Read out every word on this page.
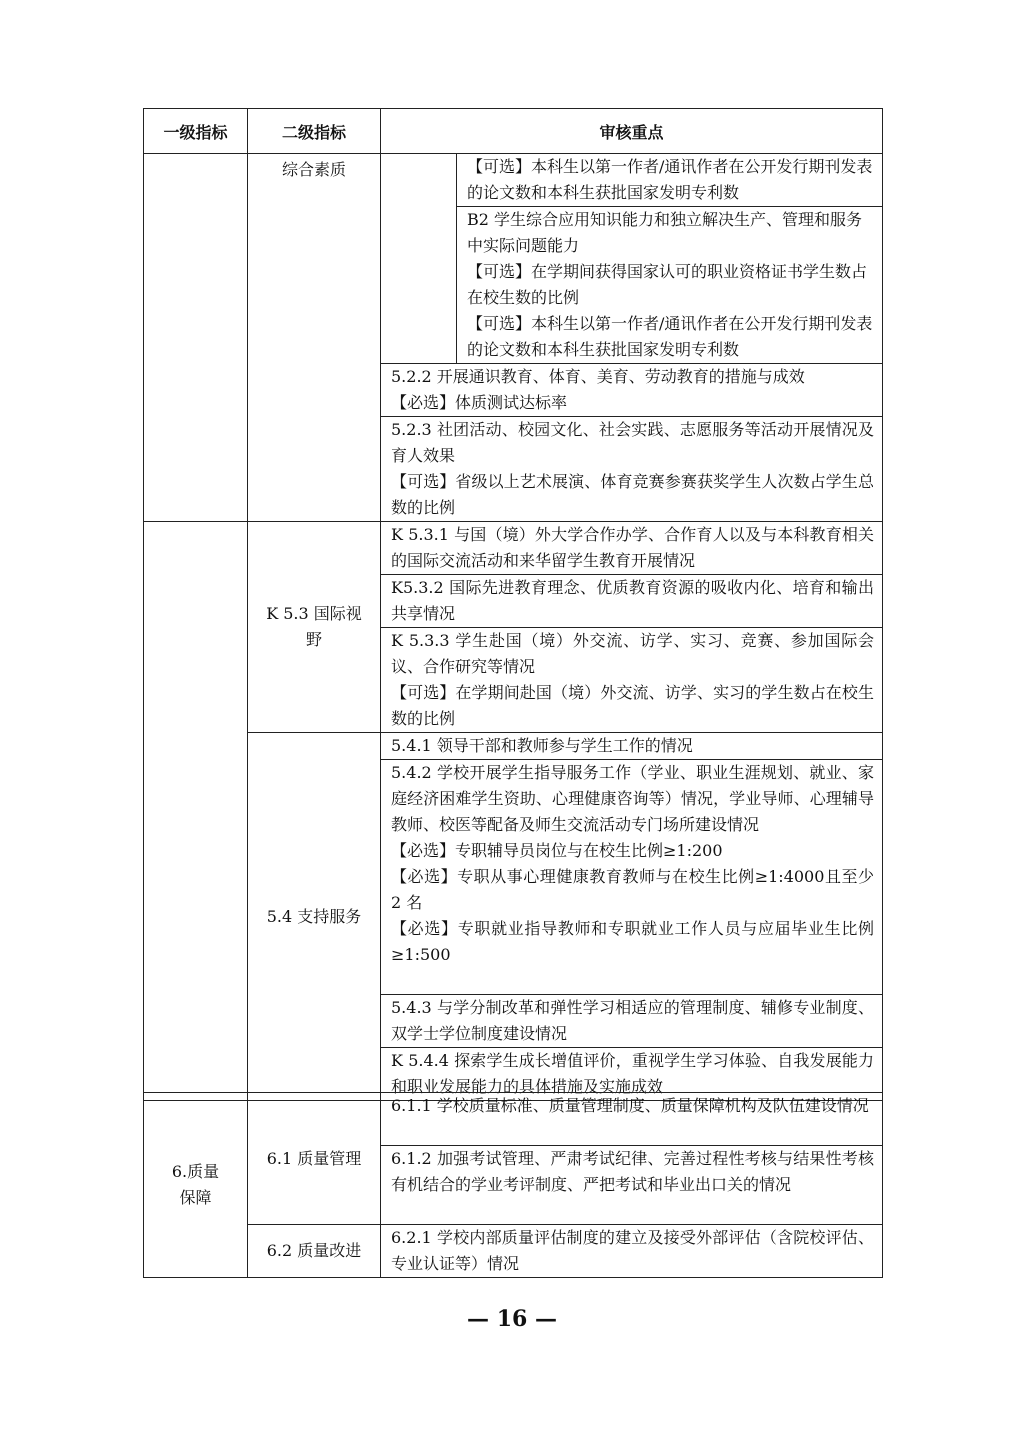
一级指标	二级指标	审核重点	
	综合素质		【可选】本科生以第一作者/通讯作者在公开发行期刊发表的论文数和本科生获批国家发明专利数

			B2 学生综合应用知识能力和独立解决生产、管理和服务中实际问题能力
【可选】在学期间获得国家认可的职业资格证书学生数占在校生数的比例
【可选】本科生以第一作者/通讯作者在公开发行期刊发表的论文数和本科生获批国家发明专利数

		5.2.2 开展通识教育、体育、美育、劳动教育的措施与成效
【必选】体质测试达标率	

		5.2.3 社团活动、校园文化、社会实践、志愿服务等活动开展情况及育人效果
【可选】省级以上艺术展演、体育竞赛参赛获奖学生人次数占学生总数的比例	

	K 5.3 国际视野	K 5.3.1 与国（境）外大学合作办学、合作育人以及与本科教育相关的国际交流活动和来华留学生教育开展情况	

		K5.3.2 国际先进教育理念、优质教育资源的吸收内化、培育和输出共享情况	

		K 5.3.3 学生赴国（境）外交流、访学、实习、竞赛、参加国际会议、合作研究等情况
【可选】在学期间赴国（境）外交流、访学、实习的学生数占在校生数的比例	

	5.4 支持服务	5.4.1 领导干部和教师参与学生工作的情况	

		5.4.2 学校开展学生指导服务工作（学业、职业生涯规划、就业、家庭经济困难学生资助、心理健康咨询等）情况，学业导师、心理辅导教师、校医等配备及师生交流活动专门场所建设情况
【必选】专职辅导员岗位与在校生比例≥1:200
【必选】专职从事心理健康教育教师与在校生比例≥1:4000且至少 2 名
【必选】专职就业指导教师和专职就业工作人员与应届毕业生比例≥1:500	

		5.4.3 与学分制改革和弹性学习相适应的管理制度、辅修专业制度、双学士学位制度建设情况	

		K 5.4.4 探索学生成长增值评价，重视学生学习体验、自我发展能力和职业发展能力的具体措施及实施成效	
6.质量保障	6.1 质量管理	6.1.1 学校质量标准、质量管理制度、质量保障机构及队伍建设情况

		6.1.2 加强考试管理、严肃考试纪律、完善过程性考核与结果性考核有机结合的学业考评制度、严把考试和毕业出口关的情况

	6.2 质量改进	6.2.1 学校内部质量评估制度的建立及接受外部评估（含院校评估、专业认证等）情况
— 16 —
